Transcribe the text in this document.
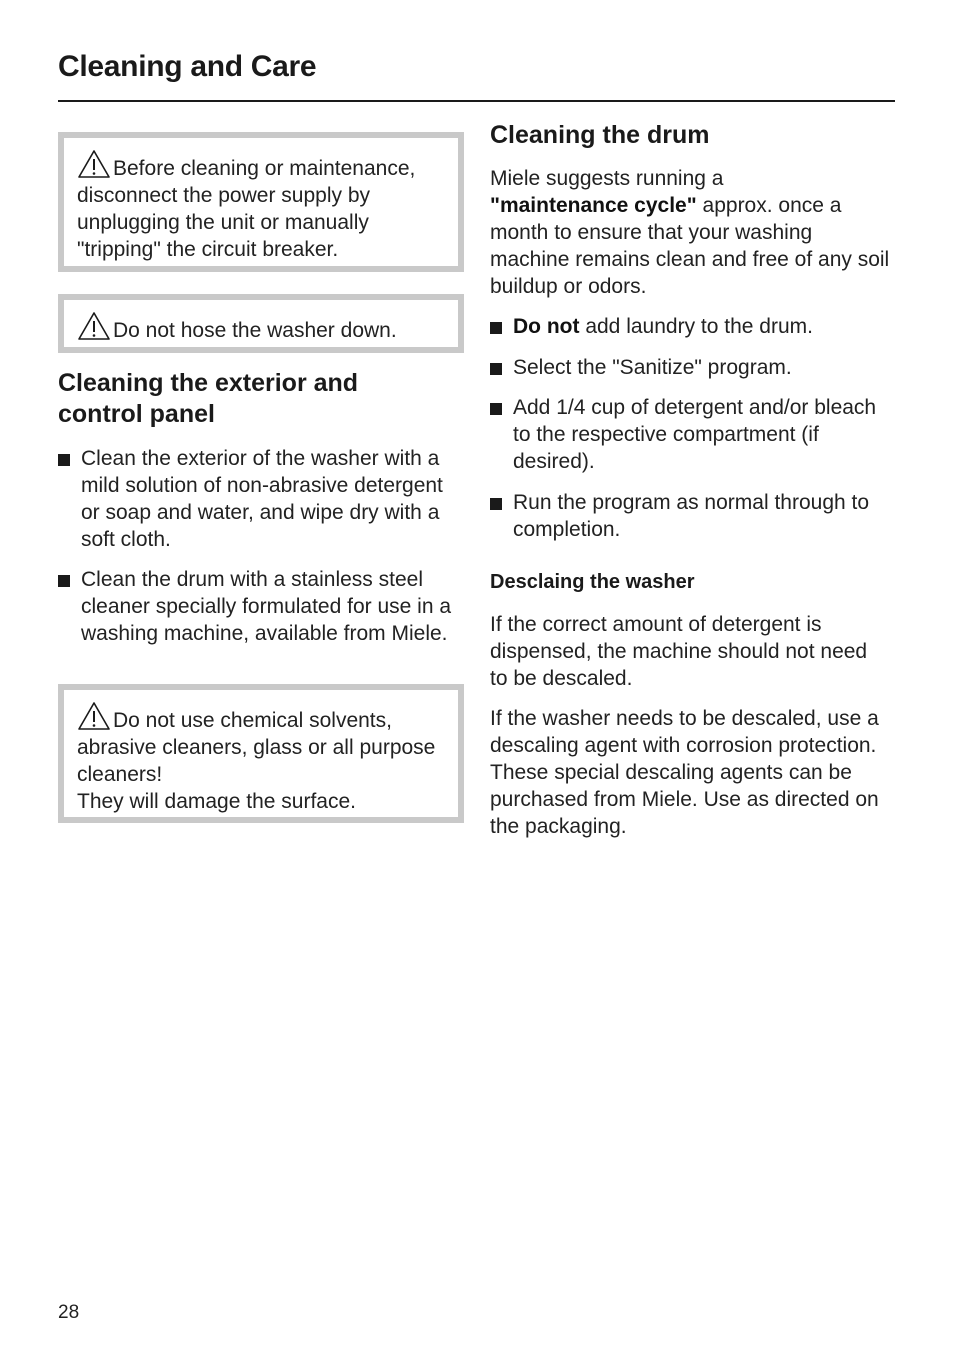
Cleaning and Care
Before cleaning or maintenance, disconnect the power supply by unplugging the unit or manually "tripping" the circuit breaker.
Do not hose the washer down.
Cleaning the exterior and
control panel
Clean the exterior of the washer with a mild solution of non-abrasive detergent or soap and water, and wipe dry with a soft cloth.
Clean the drum with a stainless steel cleaner specially formulated for use in a washing machine, available from Miele.
Do not use chemical solvents, abrasive cleaners, glass or all purpose cleaners!
They will damage the surface.
Cleaning the drum
Miele suggests running a
"maintenance cycle" approx. once a month to ensure that your washing machine remains clean and free of any soil buildup or odors.
Do not add laundry to the drum.
Select the "Sanitize" program.
Add 1/4 cup of detergent and/or bleach to the respective compartment (if desired).
Run the program as normal through to completion.
Desclaing the washer
If the correct amount of detergent is dispensed, the machine should not need to be descaled.
If the washer needs to be descaled, use a descaling agent with corrosion protection. These special descaling agents can be purchased from Miele. Use as directed on the packaging.
28
